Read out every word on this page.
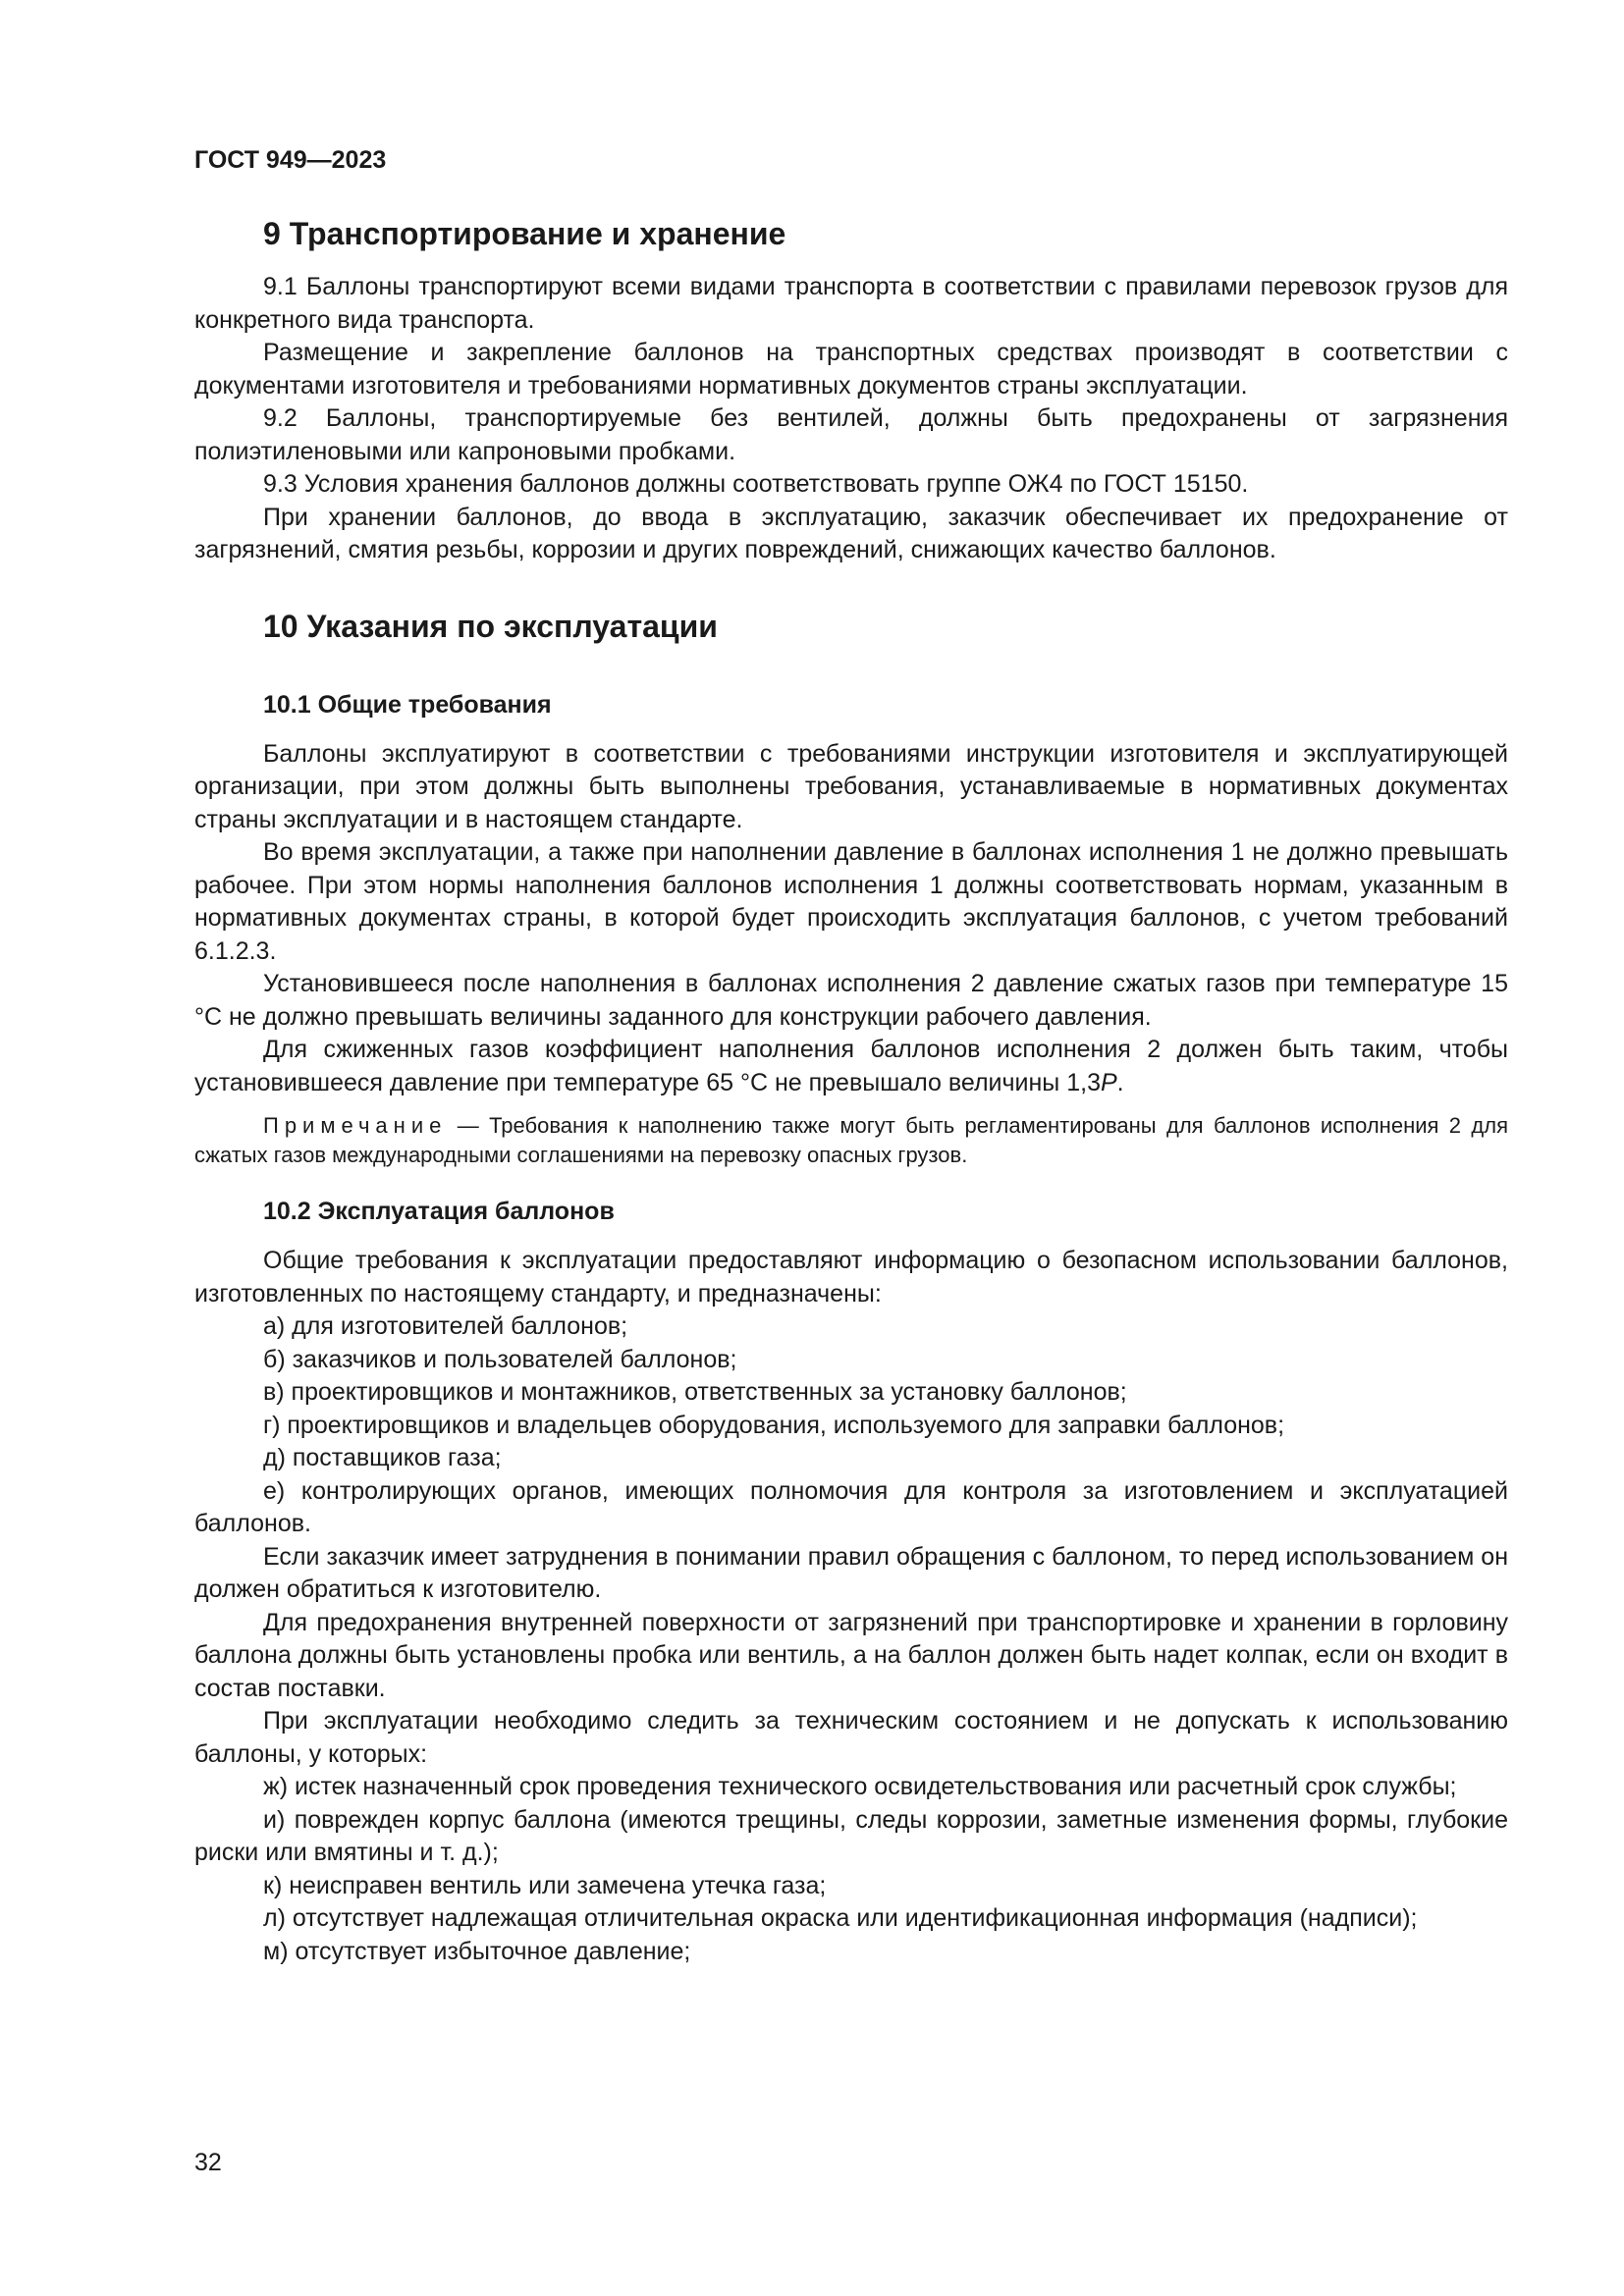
ГОСТ 949—2023
9 Транспортирование и хранение

9.1 Баллоны транспортируют всеми видами транспорта в соответствии с правилами перевозок грузов для конкретного вида транспорта.

Размещение и закрепление баллонов на транспортных средствах производят в соответствии с документами изготовителя и требованиями нормативных документов страны эксплуатации.

9.2 Баллоны, транспортируемые без вентилей, должны быть предохранены от загрязнения полиэтиленовыми или капроновыми пробками.

9.3 Условия хранения баллонов должны соответствовать группе ОЖ4 по ГОСТ 15150.

При хранении баллонов, до ввода в эксплуатацию, заказчик обеспечивает их предохранение от загрязнений, смятия резьбы, коррозии и других повреждений, снижающих качество баллонов.

10 Указания по эксплуатации
10.1 Общие требования

Баллоны эксплуатируют в соответствии с требованиями инструкции изготовителя и эксплуатирующей организации, при этом должны быть выполнены требования, устанавливаемые в нормативных документах страны эксплуатации и в настоящем стандарте.

Во время эксплуатации, а также при наполнении давление в баллонах исполнения 1 не должно превышать рабочее. При этом нормы наполнения баллонов исполнения 1 должны соответствовать нормам, указанным в нормативных документах страны, в которой будет происходить эксплуатация баллонов, с учетом требований 6.1.2.3.

Установившееся после наполнения в баллонах исполнения 2 давление сжатых газов при температуре 15 °С не должно превышать величины заданного для конструкции рабочего давления.

Для сжиженных газов коэффициент наполнения баллонов исполнения 2 должен быть таким, чтобы установившееся давление при температуре 65 °С не превышало величины 1,3P.

Примечание — Требования к наполнению также могут быть регламентированы для баллонов исполнения 2 для сжатых газов международными соглашениями на перевозку опасных грузов.
10.2 Эксплуатация баллонов

Общие требования к эксплуатации предоставляют информацию о безопасном использовании баллонов, изготовленных по настоящему стандарту, и предназначены:

а) для изготовителей баллонов;

б) заказчиков и пользователей баллонов;

в) проектировщиков и монтажников, ответственных за установку баллонов;

г) проектировщиков и владельцев оборудования, используемого для заправки баллонов;

д) поставщиков газа;

е) контролирующих органов, имеющих полномочия для контроля за изготовлением и эксплуатацией баллонов.

Если заказчик имеет затруднения в понимании правил обращения с баллоном, то перед использованием он должен обратиться к изготовителю.

Для предохранения внутренней поверхности от загрязнений при транспортировке и хранении в горловину баллона должны быть установлены пробка или вентиль, а на баллон должен быть надет колпак, если он входит в состав поставки.

При эксплуатации необходимо следить за техническим состоянием и не допускать к использованию баллоны, у которых:

ж) истек назначенный срок проведения технического освидетельствования или расчетный срок службы;

и) поврежден корпус баллона (имеются трещины, следы коррозии, заметные изменения формы, глубокие риски или вмятины и т. д.);

к) неисправен вентиль или замечена утечка газа;

л) отсутствует надлежащая отличительная окраска или идентификационная информация (надписи);

м) отсутствует избыточное давление;

32
